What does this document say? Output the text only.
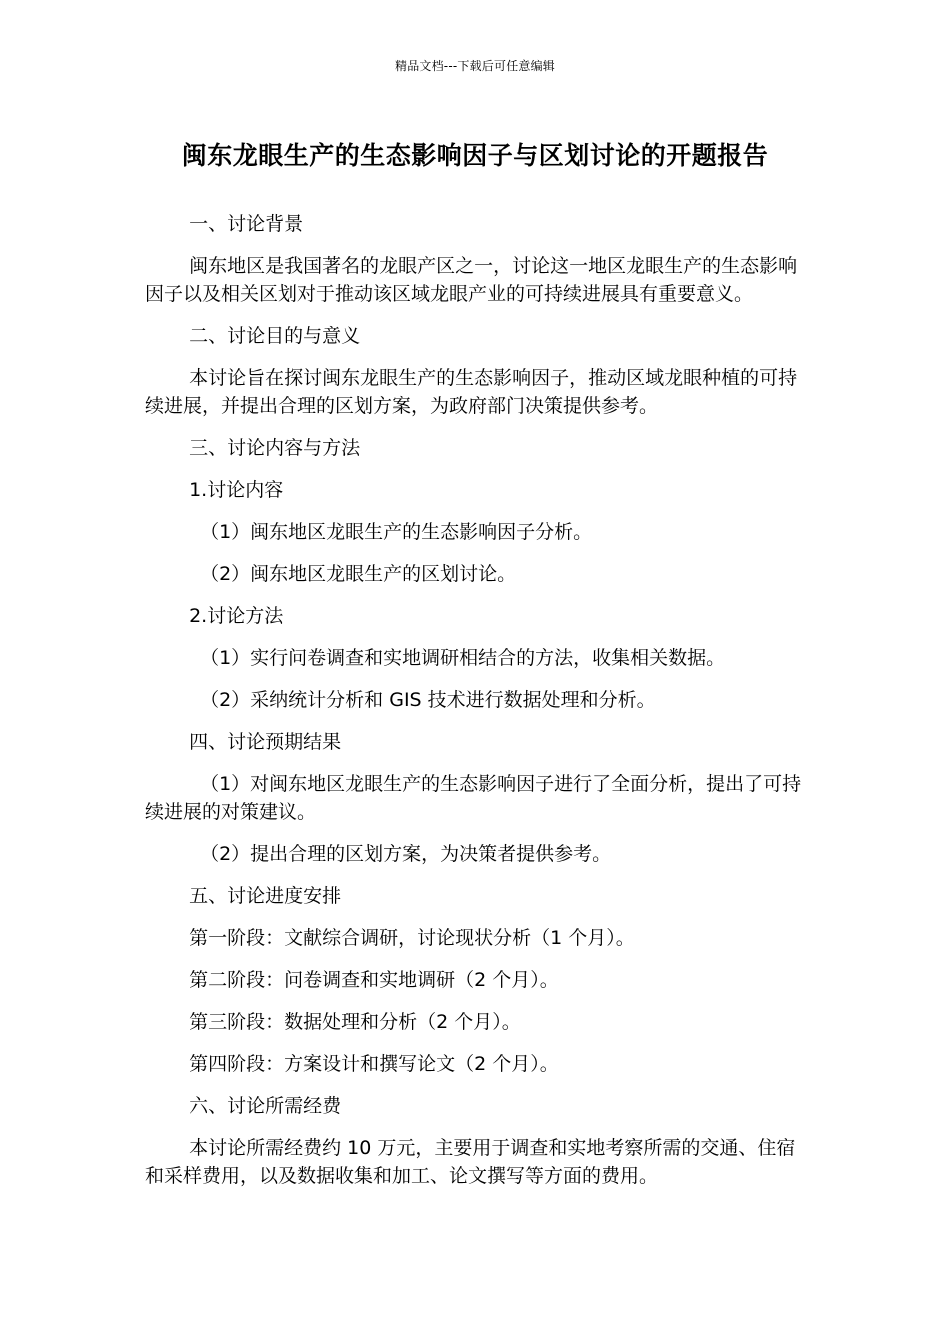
精品文档---下载后可任意编辑
闽东龙眼生产的生态影响因子与区划讨论的开题报告

一、讨论背景

闽东地区是我国著名的龙眼产区之一，讨论这一地区龙眼生产的生态影响因子以及相关区划对于推动该区域龙眼产业的可持续进展具有重要意义。

二、讨论目的与意义

本讨论旨在探讨闽东龙眼生产的生态影响因子，推动区域龙眼种植的可持续进展，并提出合理的区划方案，为政府部门决策提供参考。

三、讨论内容与方法

1.讨论内容

（1）闽东地区龙眼生产的生态影响因子分析。

（2）闽东地区龙眼生产的区划讨论。

2.讨论方法

（1）实行问卷调查和实地调研相结合的方法，收集相关数据。

（2）采纳统计分析和 GIS 技术进行数据处理和分析。

四、讨论预期结果

（1）对闽东地区龙眼生产的生态影响因子进行了全面分析，提出了可持续进展的对策建议。

（2）提出合理的区划方案，为决策者提供参考。

五、讨论进度安排

第一阶段：文献综合调研，讨论现状分析（1 个月）。

第二阶段：问卷调查和实地调研（2 个月）。

第三阶段：数据处理和分析（2 个月）。

第四阶段：方案设计和撰写论文（2 个月）。

六、讨论所需经费

本讨论所需经费约 10 万元，主要用于调查和实地考察所需的交通、住宿和采样费用，以及数据收集和加工、论文撰写等方面的费用。
